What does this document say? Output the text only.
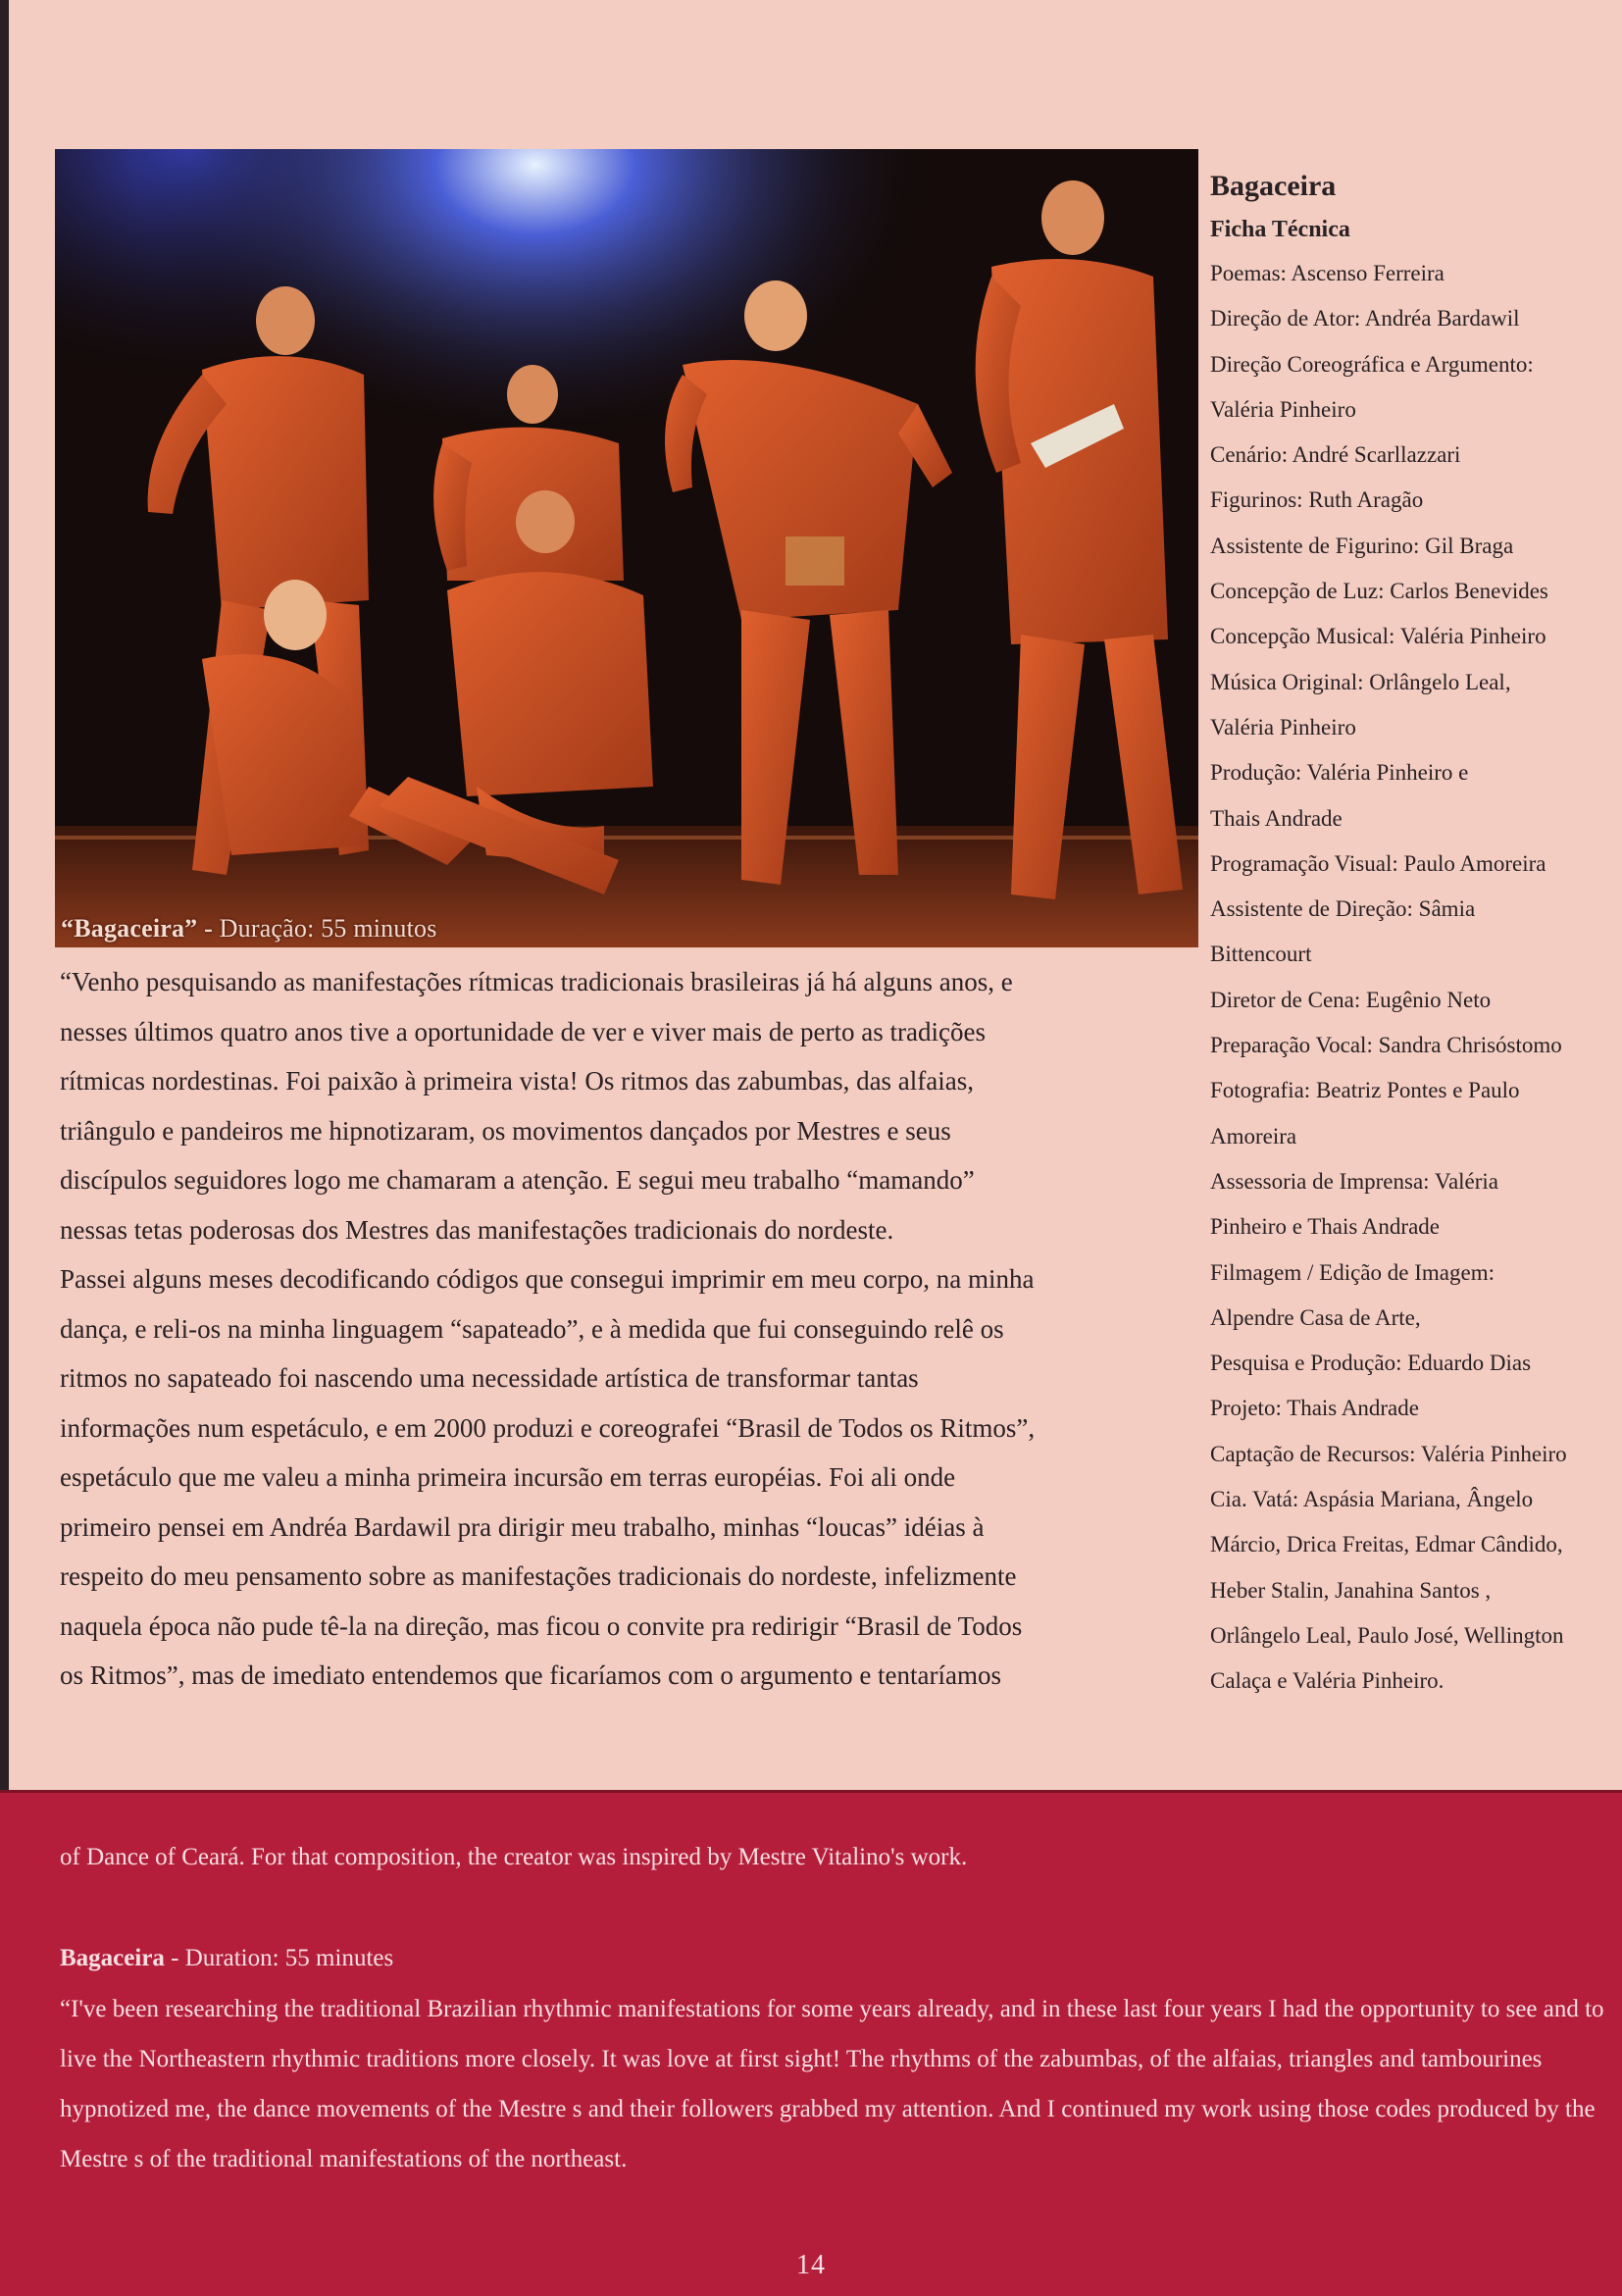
“Bagaceira” - Duração: 55 minutos

“Venho pesquisando as manifestações rítmicas tradicionais brasileiras já há alguns anos, e

nesses últimos quatro anos tive a oportunidade de ver e viver mais de perto as tradições

rítmicas nordestinas. Foi paixão à primeira vista! Os ritmos das zabumbas, das alfaias,

triângulo e pandeiros me hipnotizaram, os movimentos dançados por Mestres e seus

discípulos seguidores logo me chamaram a atenção. E segui meu trabalho “mamando”

nessas tetas poderosas dos Mestres das manifestações tradicionais do nordeste.

Passei alguns meses decodificando códigos que consegui imprimir em meu corpo, na minha

dança, e reli-os na minha linguagem “sapateado”, e à medida que fui conseguindo relê os

ritmos no sapateado foi nascendo uma necessidade artística de transformar tantas

informações num espetáculo, e em 2000 produzi e coreografei “Brasil de Todos os Ritmos”,

espetáculo que me valeu a minha primeira incursão em terras européias. Foi ali onde

primeiro pensei em Andréa Bardawil pra dirigir meu trabalho, minhas “loucas” idéias à

respeito do meu pensamento sobre as manifestações tradicionais do nordeste, infelizmente

naquela época não pude tê-la na direção, mas ficou o convite pra redirigir “Brasil de Todos

os Ritmos”, mas de imediato entendemos que ficaríamos com o argumento e tentaríamos

Bagaceira

Ficha Técnica

Poemas: Ascenso Ferreira

Direção de Ator: Andréa Bardawil

Direção Coreográfica e Argumento:

Valéria Pinheiro

Cenário: André Scarllazzari

Figurinos: Ruth Aragão

Assistente de Figurino: Gil Braga

Concepção de Luz: Carlos Benevides

Concepção Musical: Valéria Pinheiro

Música Original: Orlângelo Leal,

Valéria Pinheiro

Produção: Valéria Pinheiro e

Thais Andrade

Programação Visual: Paulo Amoreira

Assistente de Direção: Sâmia

Bittencourt

Diretor de Cena: Eugênio Neto

Preparação Vocal: Sandra Chrisóstomo

Fotografia: Beatriz Pontes e Paulo

Amoreira

Assessoria de Imprensa: Valéria

Pinheiro e Thais Andrade

Filmagem / Edição de Imagem:

Alpendre Casa de Arte,

Pesquisa e Produção: Eduardo Dias

Projeto: Thais Andrade

Captação de Recursos: Valéria Pinheiro

Cia. Vatá: Aspásia Mariana, Ângelo

Márcio, Drica Freitas, Edmar Cândido,

Heber Stalin, Janahina Santos ,

Orlângelo Leal, Paulo José, Wellington

Calaça e Valéria Pinheiro.

of Dance of Ceará. For that composition, the creator was inspired by Mestre Vitalino's work.
Bagaceira - Duration: 55 minutes

“I've been researching the traditional Brazilian rhythmic manifestations for some years already, and in these last four years I had the opportunity to see and to live the Northeastern rhythmic traditions more closely. It was love at first sight! The rhythms of the zabumbas, of the alfaias, triangles and tambourines hypnotized me, the dance movements of the Mestre s and their followers grabbed my attention. And I continued my work using those codes produced by the Mestre s of the traditional manifestations of the northeast.

14
